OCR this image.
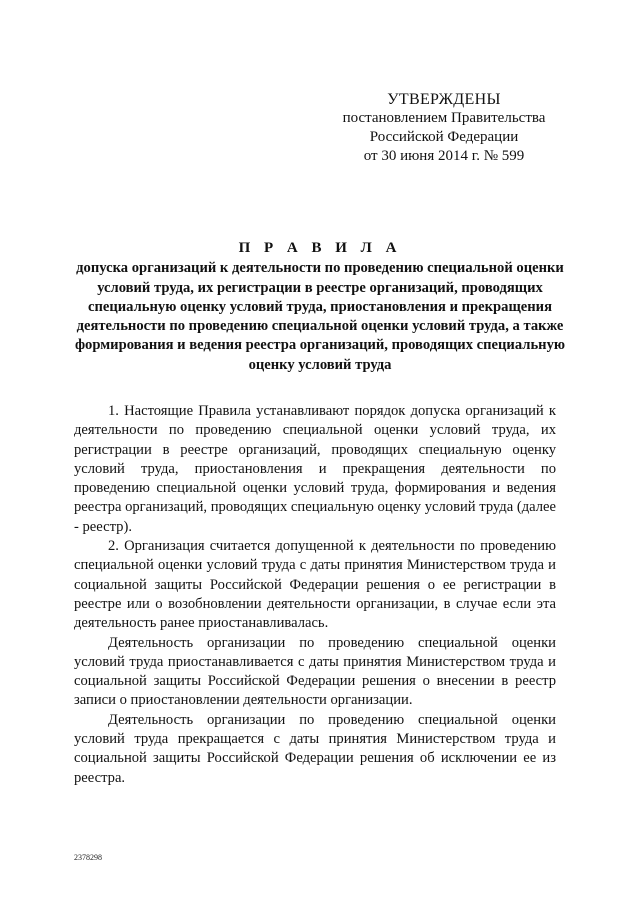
УТВЕРЖДЕНЫ
постановлением Правительства
Российской Федерации
от 30 июня 2014 г. № 599
П Р А В И Л А
допуска организаций к деятельности по проведению специальной оценки условий труда, их регистрации в реестре организаций, проводящих специальную оценку условий труда, приостановления и прекращения деятельности по проведению специальной оценки условий труда, а также формирования и ведения реестра организаций, проводящих специальную оценку условий труда

1. Настоящие Правила устанавливают порядок допуска организаций к деятельности по проведению специальной оценки условий труда, их регистрации в реестре организаций, проводящих специальную оценку условий труда, приостановления и прекращения деятельности по проведению специальной оценки условий труда, формирования и ведения реестра организаций, проводящих специальную оценку условий труда (далее - реестр).

2. Организация считается допущенной к деятельности по проведению специальной оценки условий труда с даты принятия Министерством труда и социальной защиты Российской Федерации решения о ее регистрации в реестре или о возобновлении деятельности организации, в случае если эта деятельность ранее приостанавливалась.

Деятельность организации по проведению специальной оценки условий труда приостанавливается с даты принятия Министерством труда и социальной защиты Российской Федерации решения о внесении в реестр записи о приостановлении деятельности организации.

Деятельность организации по проведению специальной оценки условий труда прекращается с даты принятия Министерством труда и социальной защиты Российской Федерации решения об исключении ее из реестра.

2378298
